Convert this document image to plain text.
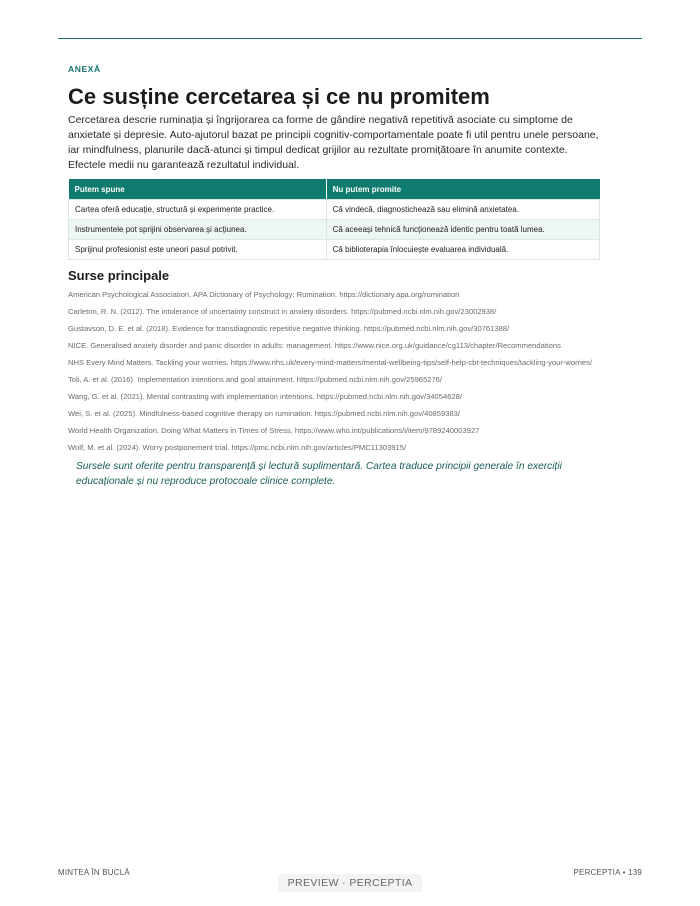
ANEXĂ

Ce susține cercetarea și ce nu promitem

Cercetarea descrie ruminația și îngrijorarea ca forme de gândire negativă repetitivă asociate cu simptome de anxietate și depresie. Auto-ajutorul bazat pe principii cognitiv-comportamentale poate fi util pentru unele persoane, iar mindfulness, planurile dacă-atunci și timpul dedicat grijilor au rezultate promițătoare în anumite contexte. Efectele medii nu garantează rezultatul individual.

Putem spune	Nu putem promite
Cartea oferă educație, structură și experimente practice.	Că vindecă, diagnostichează sau elimină anxietatea.
Instrumentele pot sprijini observarea și acțiunea.	Că aceeași tehnică funcționează identic pentru toată lumea.
Sprijinul profesionist este uneori pasul potrivit.	Că biblioterapia înlocuiește evaluarea individuală.
Surse principale
American Psychological Association. APA Dictionary of Psychology: Rumination. https://dictionary.apa.org/rumination
Carleton, R. N. (2012). The intolerance of uncertainty construct in anxiety disorders. https://pubmed.ncbi.nlm.nih.gov/23002938/
Gustavson, D. E. et al. (2018). Evidence for transdiagnostic repetitive negative thinking. https://pubmed.ncbi.nlm.nih.gov/30761388/
NICE. Generalised anxiety disorder and panic disorder in adults: management. https://www.nice.org.uk/guidance/cg113/chapter/Recommendations
NHS Every Mind Matters. Tackling your worries. https://www.nhs.uk/every-mind-matters/mental-wellbeing-tips/self-help-cbt-techniques/tackling-your-worries/
Toli, A. et al. (2016). Implementation intentions and goal attainment. https://pubmed.ncbi.nlm.nih.gov/25965276/
Wang, G. et al. (2021). Mental contrasting with implementation intentions. https://pubmed.ncbi.nlm.nih.gov/34054628/
Wei, S. et al. (2025). Mindfulness-based cognitive therapy on rumination. https://pubmed.ncbi.nlm.nih.gov/40859383/
World Health Organization. Doing What Matters in Times of Stress. https://www.who.int/publications/i/item/9789240003927
Wolf, M. et al. (2024). Worry postponement trial. https://pmc.ncbi.nlm.nih.gov/articles/PMC11303915/

Sursele sunt oferite pentru transparență și lectură suplimentară. Cartea traduce principii generale în exerciții educaționale și nu reproduce protocoale clinice complete.

MINTEA ÎN BUCLĂ	PERCEPTIA • 139
PREVIEW · PERCEPTIA
